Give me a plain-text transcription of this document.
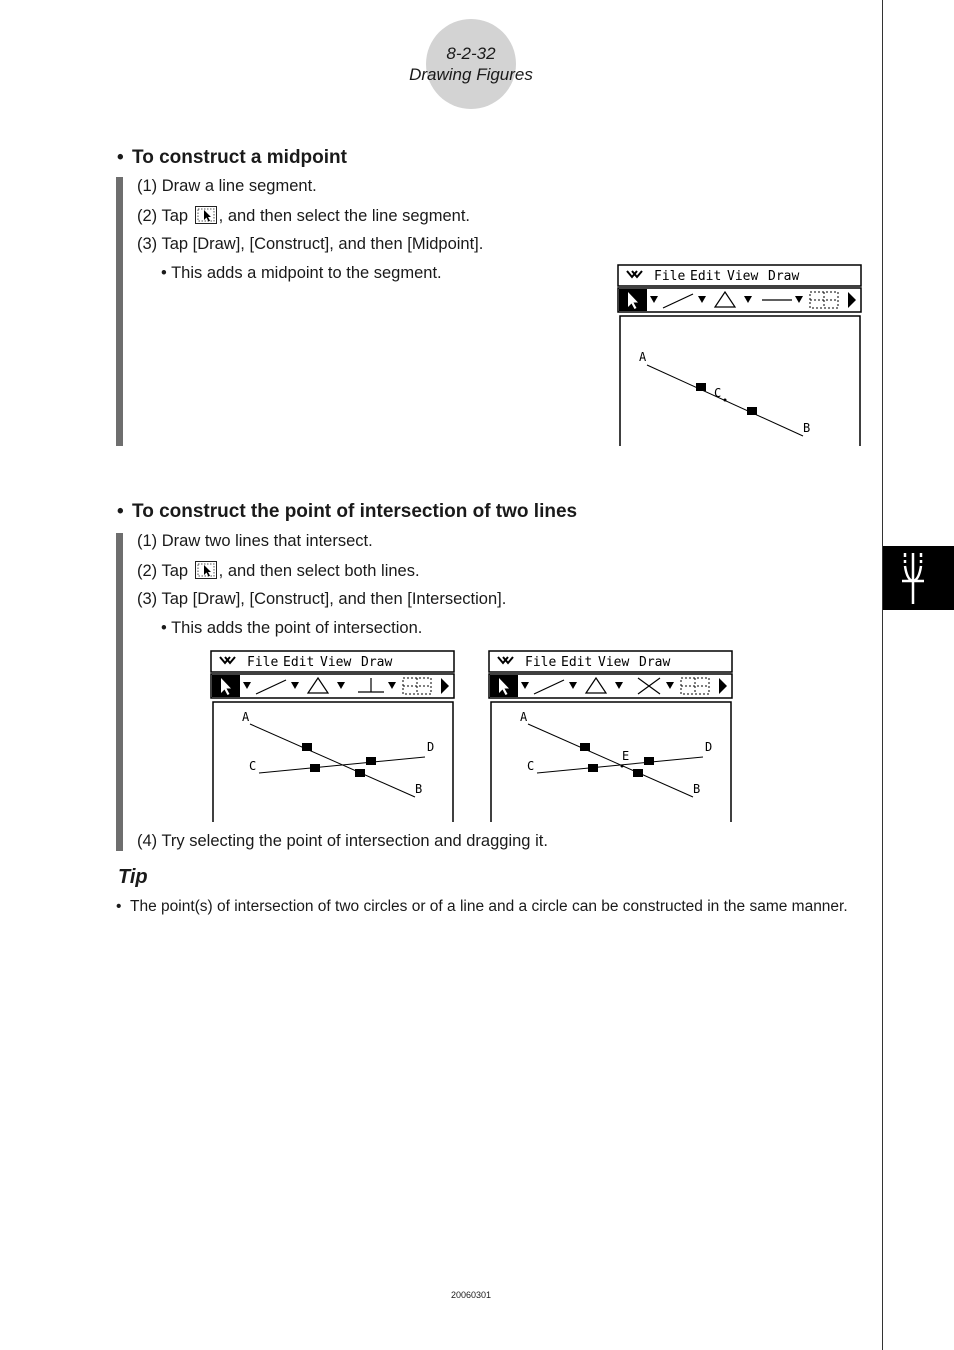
8-2-32
Drawing Figures
• To construct a midpoint
(1) Draw a line segment.
(2) Tap , and then select the line segment.
(3) Tap [Draw], [Construct], and then [Midpoint].
• This adds a midpoint to the segment.	File Edit View Draw
A
C
B
• To construct the point of intersection of two lines
(1) Draw two lines that intersect.
(2) Tap , and then select both lines.
(3) Tap [Draw], [Construct], and then [Intersection].
• This adds the point of intersection.
File Edit View Draw
A
D
C
B
File Edit View Draw
A
D
E
C
B
(4) Try selecting the point of intersection and dragging it.
Tip
• The point(s) of intersection of two circles or of a line and a circle can be constructed in the same manner.
20060301
